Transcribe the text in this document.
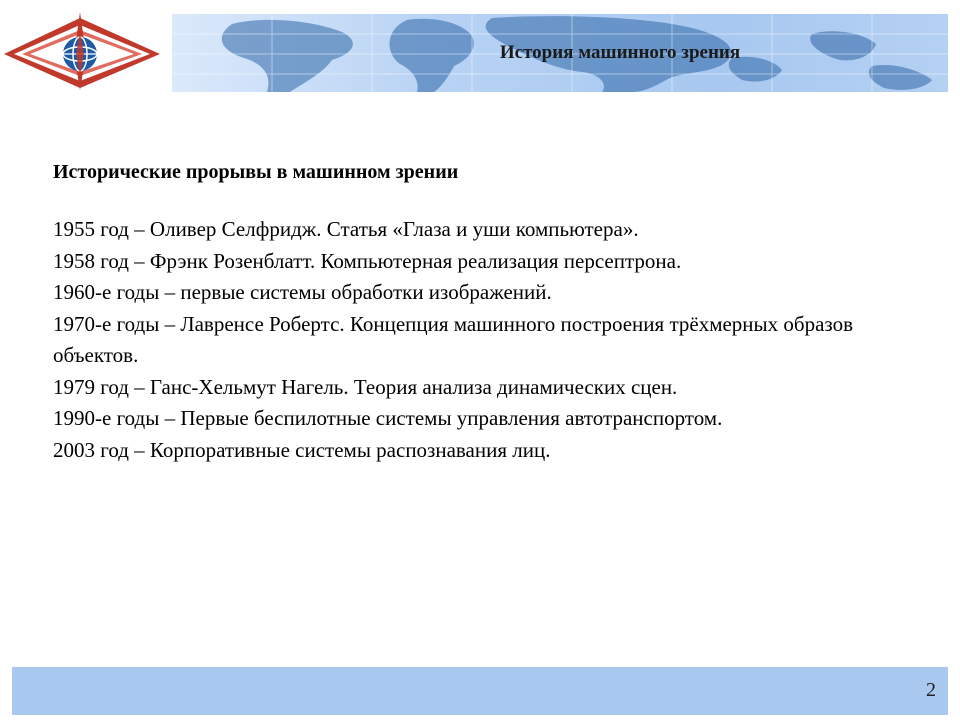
История машинного зрения
Исторические прорывы в машинном зрении
1955 год – Оливер Селфридж. Статья «Глаза и уши компьютера».
1958 год – Фрэнк Розенблатт. Компьютерная реализация персептрона.
1960-е годы – первые системы обработки изображений.
1970-е годы – Лавренсе Робертс. Концепция машинного построения трёхмерных образов объектов.
1979 год – Ганс-Хельмут Нагель. Теория анализа динамических сцен.
1990-е годы – Первые беспилотные системы управления автотранспортом.
2003 год – Корпоративные системы распознавания лиц.
2
